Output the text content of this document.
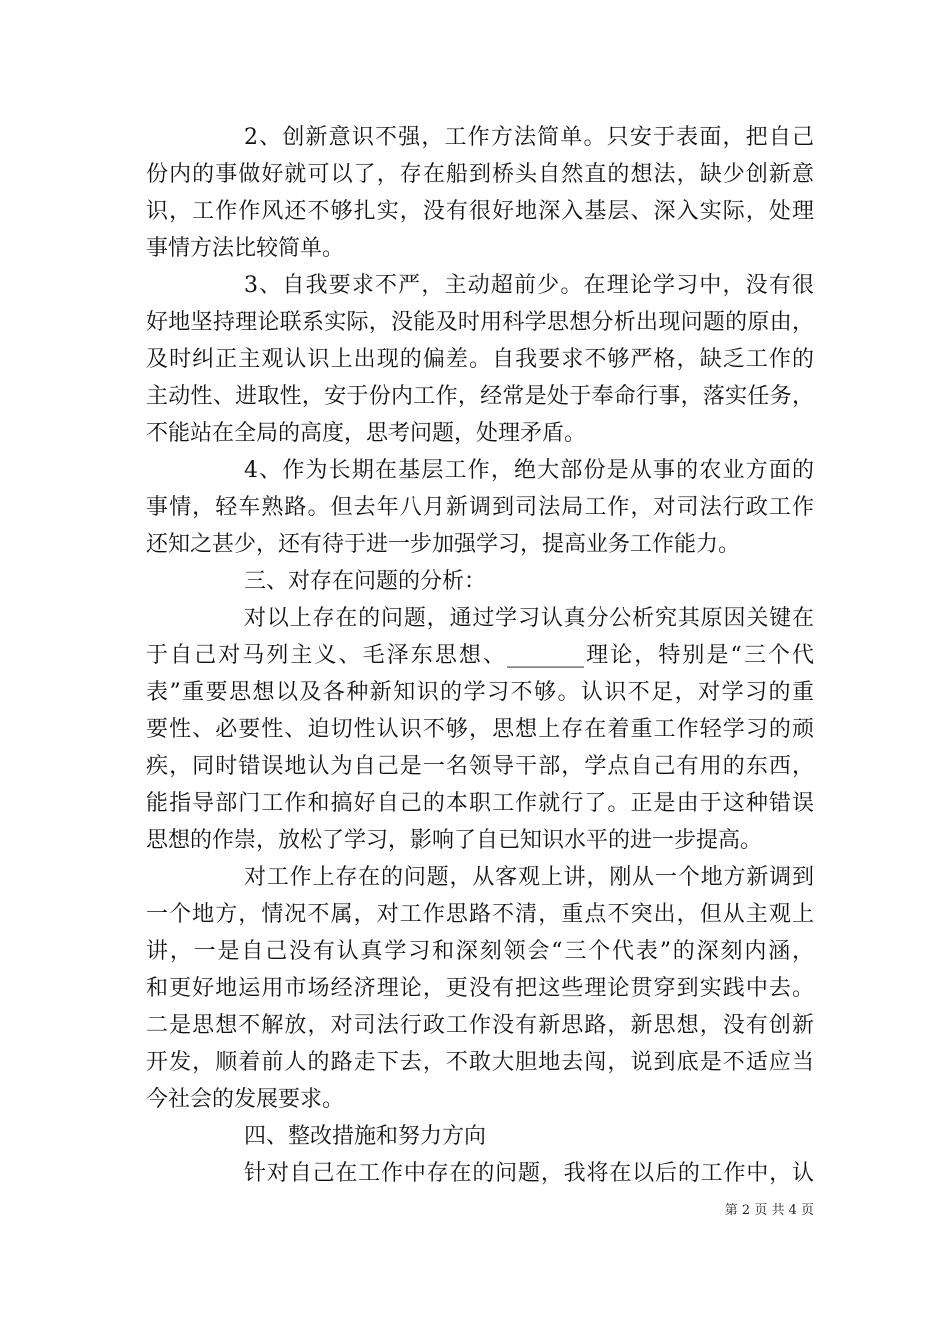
2、创新意识不强，工作方法简单。只安于表面，把自己
份内的事做好就可以了，存在船到桥头自然直的想法，缺少创新意
识，工作作风还不够扎实，没有很好地深入基层、深入实际，处理
事情方法比较简单。
3、自我要求不严，主动超前少。在理论学习中，没有很
好地坚持理论联系实际，没能及时用科学思想分析出现问题的原由，
及时纠正主观认识上出现的偏差。自我要求不够严格，缺乏工作的
主动性、进取性，安于份内工作，经常是处于奉命行事，落实任务，
不能站在全局的高度，思考问题，处理矛盾。
4、作为长期在基层工作，绝大部份是从事的农业方面的
事情，轻车熟路。但去年八月新调到司法局工作，对司法行政工作
还知之甚少，还有待于进一步加强学习，提高业务工作能力。
三、对存在问题的分析：
对以上存在的问题，通过学习认真分公析究其原因关键在
于自己对马列主义、毛泽东思想、_______理论，特别是“三个代
表”重要思想以及各种新知识的学习不够。认识不足，对学习的重
要性、必要性、迫切性认识不够，思想上存在着重工作轻学习的顽
疾，同时错误地认为自己是一名领导干部，学点自己有用的东西，
能指导部门工作和搞好自己的本职工作就行了。正是由于这种错误
思想的作崇，放松了学习，影响了自已知识水平的进一步提高。
对工作上存在的问题，从客观上讲，刚从一个地方新调到
一个地方，情况不属，对工作思路不清，重点不突出，但从主观上
讲，一是自己没有认真学习和深刻领会“三个代表”的深刻内涵，
和更好地运用市场经济理论，更没有把这些理论贯穿到实践中去。
二是思想不解放，对司法行政工作没有新思路，新思想，没有创新
开发，顺着前人的路走下去，不敢大胆地去闯，说到底是不适应当
今社会的发展要求。
四、整改措施和努力方向
针对自己在工作中存在的问题，我将在以后的工作中，认
第 2 页 共 4 页
